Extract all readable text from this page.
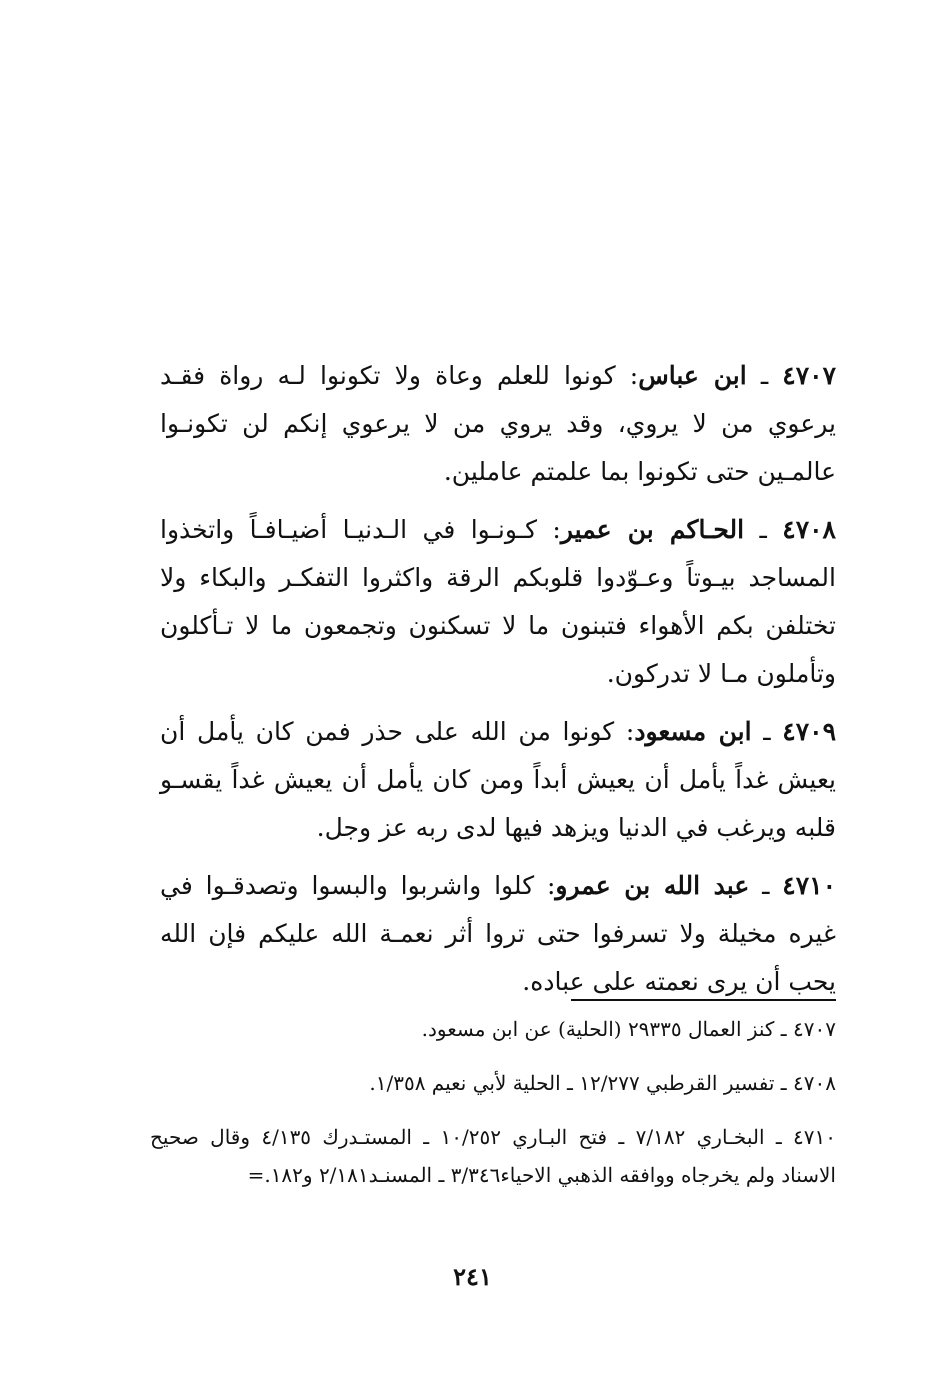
٤٧٠٧ ـ ابن عباس: كونوا للعلم وعاة ولا تكونوا لـه رواة فقـد يرعوي من لا يروي، وقد يروي من لا يرعوي إنكم لن تكونـوا عالمـين حتى تكونوا بما علمتم عاملين.

٤٧٠٨ ـ الحـاكم بن عمير: كـونـوا في الـدنيـا أضيـافـاً واتخذوا المساجد بيـوتاً وعـوّدوا قلوبكم الرقة واكثروا التفكـر والبكاء ولا تختلفن بكم الأهواء فتبنون ما لا تسكنون وتجمعون ما لا تـأكلون وتأملون مـا لا تدركون.

٤٧٠٩ ـ ابن مسعود: كونوا من الله على حذر فمن كان يأمل أن يعيش غداً يأمل أن يعيش أبداً ومن كان يأمل أن يعيش غداً يقسـو قلبه ويرغب في الدنيا ويزهد فيها لدى ربه عز وجل.

٤٧١٠ ـ عبد الله بن عمرو: كلوا واشربوا والبسوا وتصدقـوا في غيره مخيلة ولا تسرفوا حتى تروا أثر نعمـة الله عليكم فإن الله يحب أن يرى نعمته على عباده.

٤٧٠٧ ـ كنز العمال ٢٩٣٣٥ (الحلية) عن ابن مسعود.

٤٧٠٨ ـ تفسير القرطبي ١٢/٢٧٧ ـ الحلية لأبي نعيم ١/٣٥٨.

٤٧١٠ ـ البخـاري ٧/١٨٢ ـ فتح البـاري ١٠/٢٥٢ ـ المستـدرك ٤/١٣٥ وقال صحيح الاسناد ولم يخرجاه ووافقه الذهبي الاحياء٣/٣٤٦ ـ المسنـد٢/١٨١ و١٨٢.=

٢٤١
